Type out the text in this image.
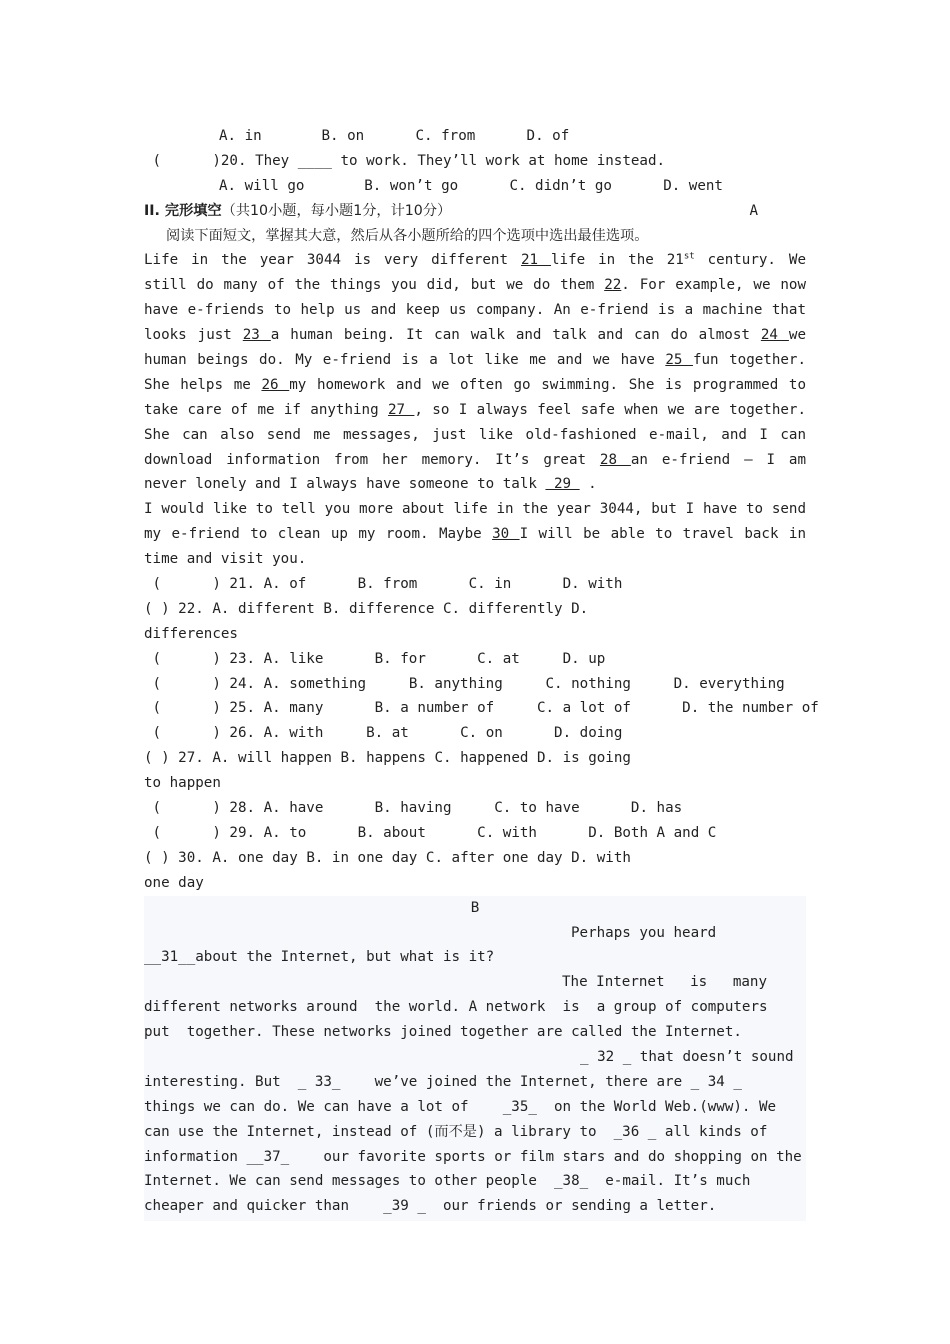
A. in	B. on	C. from	D. of
(	)20. They ____ to work. They’ll work at home instead.
A. will go	B. won’t go	C. didn’t go	D. went
II. 完形填空（共10小题，每小题1分，计10分）	A
阅读下面短文，掌握其大意，然后从各小题所给的四个选项中选出最佳选项。
Life in the year 3044 is very different 21 life in the 21st century. We
still do many of the things you did, but we do them 22. For example, we now
have e-friends to help us and keep us company. An e-friend is a machine that
looks just 23 a human being. It can walk and talk and can do almost 24 we
human beings do. My e-friend is a lot like me and we have 25 fun together.
She helps me 26 my homework and we often go swimming. She is programmed to
take care of me if anything 27 , so I always feel safe when we are together.
She can also send me messages, just like old-fashioned e-mail, and I can
download information from her memory. It’s great 28 an e-friend – I am
never lonely and I always have someone to talk  29  .
I would like to tell you more about life in the year 3044, but I have to send
my e-friend to clean up my room. Maybe 30 I will be able to travel back in
time and visit you.
(      ) 21. A. of	B. from	C. in	D. with
( ) 22. A. different B. difference C. differently D.
differences
(      ) 23. A. like	B. for	C. at	D. up
(      ) 24. A. something	B. anything	C. nothing	D. everything
(      ) 25. A. many	B. a number of	C. a lot of	D. the number of
(      ) 26. A. with	B. at	C. on	D. doing
( ) 27. A. will happen B. happens C. happened D. is going
to happen
(      ) 28. A. have	B. having	C. to have	D. has
(      ) 29. A. to	B. about	C. with	D. Both A and C
( ) 30. A. one day B. in one day C. after one day D. with
one day
B
Perhaps you heard
__31__about the Internet, but what is it?
The Internet   is   many
different networks around  the world. A network  is  a group of computers
put  together. These networks joined together are called the Internet.
_ 32 _ that doesn’t sound
interesting. But  _ 33_    we’ve joined the Internet, there are _ 34 _
things we can do. We can have a lot of    _35_  on the World Web.(www). We
can use the Internet, instead of (而不是) a library to  _36 _ all kinds of
information __37_    our favorite sports or film stars and do shopping on the
Internet. We can send messages to other people  _38_  e-mail. It’s much
cheaper and quicker than    _39 _  our friends or sending a letter.
